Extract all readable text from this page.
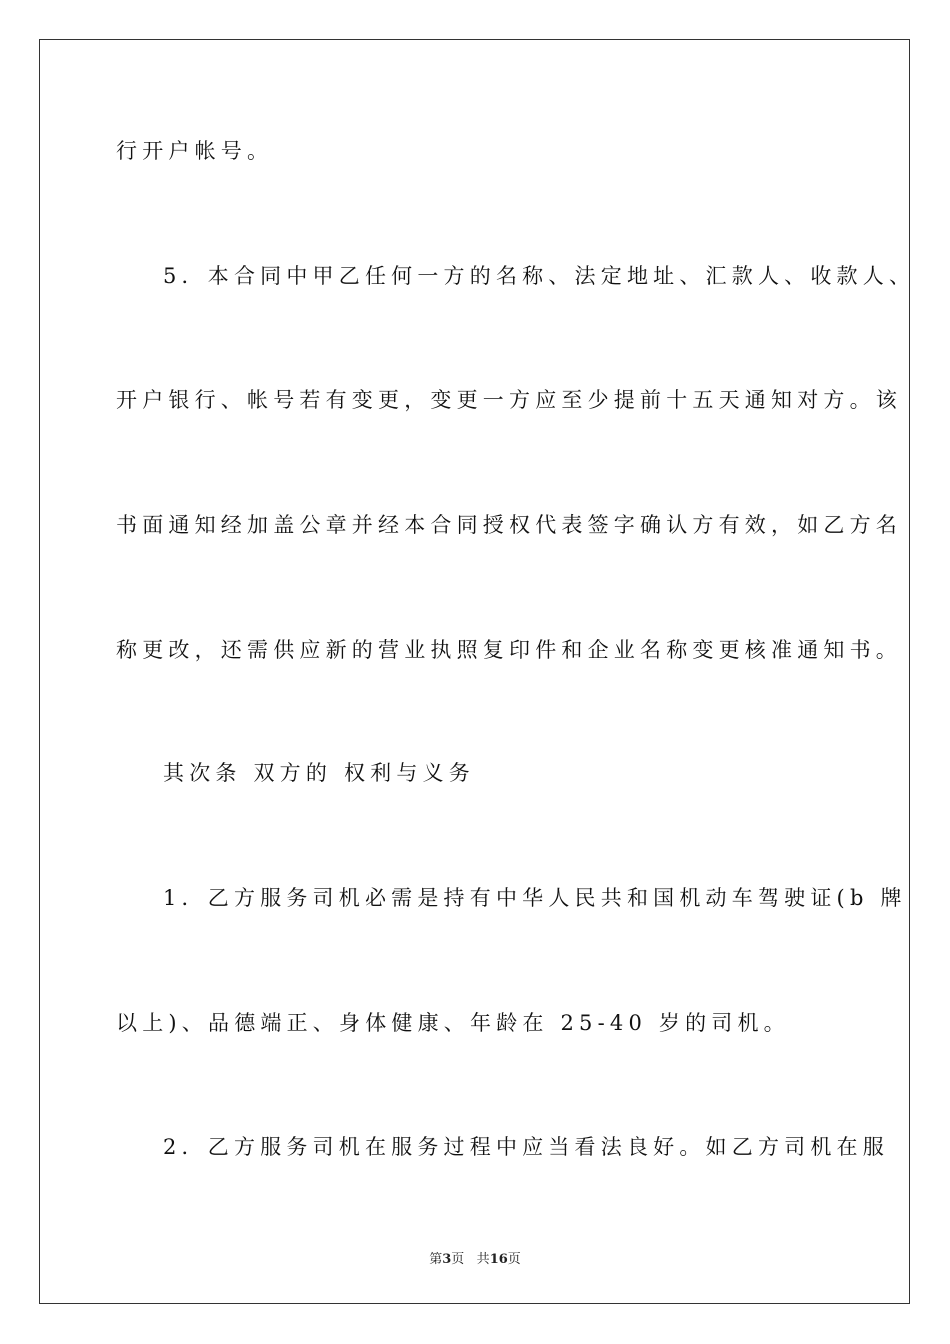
行开户帐号。
5．本合同中甲乙任何一方的名称、法定地址、汇款人、收款人、
开户银行、帐号若有变更，变更一方应至少提前十五天通知对方。该
书面通知经加盖公章并经本合同授权代表签字确认方有效，如乙方名
称更改，还需供应新的营业执照复印件和企业名称变更核准通知书。
其次条 双方的 权利与义务
1．乙方服务司机必需是持有中华人民共和国机动车驾驶证(b 牌
以上)、品德端正、身体健康、年龄在 25-40 岁的司机。
2．乙方服务司机在服务过程中应当看法良好。如乙方司机在服
第3页 共16页
